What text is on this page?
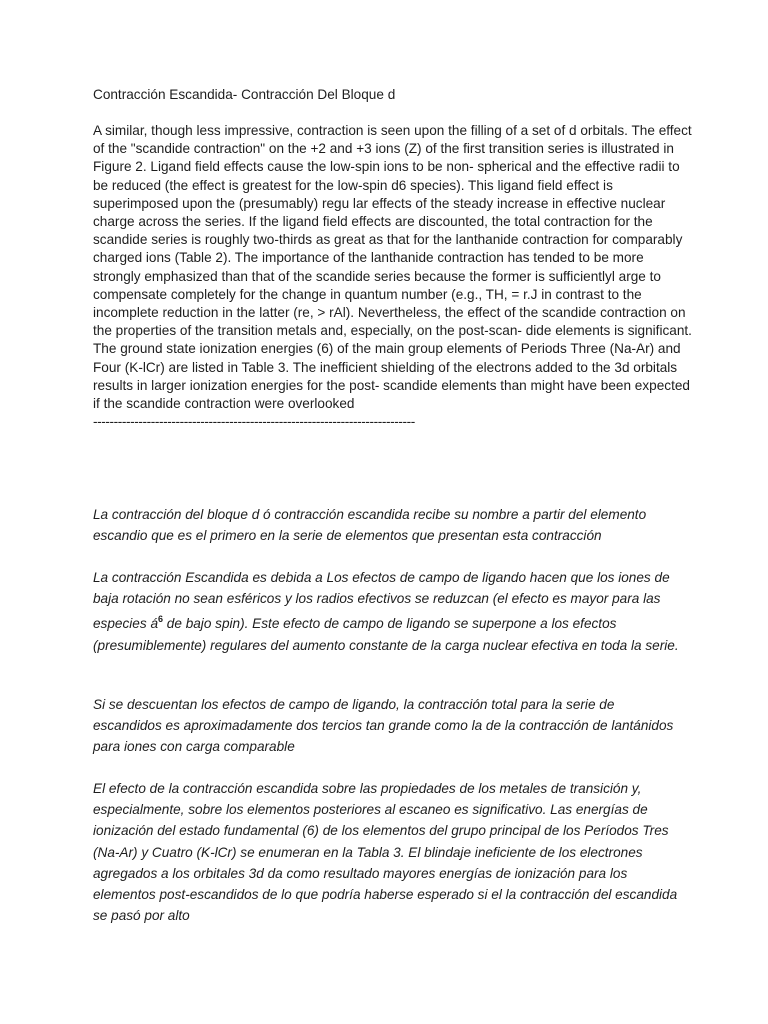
Contracción Escandida- Contracción Del Bloque d

A similar, though less impressive, contraction is seen upon the filling of a set of d orbitals. The effect of the "scandide contraction" on the +2 and +3 ions (Z) of the first transition series is illustrated in Figure 2. Ligand field effects cause the low-spin ions to be non- spherical and the effective radii to be reduced (the effect is greatest for the low-spin d6 species). This ligand field effect is superimposed upon the (presumably) regu lar effects of the steady increase in effective nuclear charge across the series. If the ligand field effects are discounted, the total contraction for the scandide series is roughly two-thirds as great as that for the lanthanide contraction for comparably charged ions (Table 2). The importance of the lanthanide contraction has tended to be more strongly emphasized than that of the scandide series because the former is sufficientlyl arge to compensate completely for the change in quantum number (e.g., TH, = r.J in contrast to the incomplete reduction in the latter (re, > rAl). Nevertheless, the effect of the scandide contraction on the properties of the transition metals and, especially, on the post-scan- dide elements is significant. The ground state ionization energies (6) of the main group elements of Periods Three (Na-Ar) and Four (K-lCr) are listed in Table 3. The inefficient shielding of the electrons added to the 3d orbitals results in larger ionization energies for the post- scandide elements than might have been expected if the scandide contraction were overlooked

------------------------------------------------------------------------------

La contracción del bloque d ó contracción escandida recibe su nombre a partir del elemento escandio que es el primero en la serie de elementos que presentan esta contracción

La contracción Escandida es debida a Los efectos de campo de ligando hacen que los iones de baja rotación no sean esféricos y los radios efectivos se reduzcan (el efecto es mayor para las especies $á^6$ de bajo spin). Este efecto de campo de ligando se superpone a los efectos (presumiblemente) regulares del aumento constante de la carga nuclear efectiva en toda la serie.

Si se descuentan los efectos de campo de ligando, la contracción total para la serie de escandidos es aproximadamente dos tercios tan grande como la de la contracción de lantánidos para iones con carga comparable

El efecto de la contracción escandida sobre las propiedades de los metales de transición y, especialmente, sobre los elementos posteriores al escaneo es significativo. Las energías de ionización del estado fundamental (6) de los elementos del grupo principal de los Períodos Tres (Na-Ar) y Cuatro (K-lCr) se enumeran en la Tabla 3. El blindaje ineficiente de los electrones agregados a los orbitales 3d da como resultado mayores energías de ionización para los elementos post-escandidos de lo que podría haberse esperado si el la contracción del escandida se pasó por alto
